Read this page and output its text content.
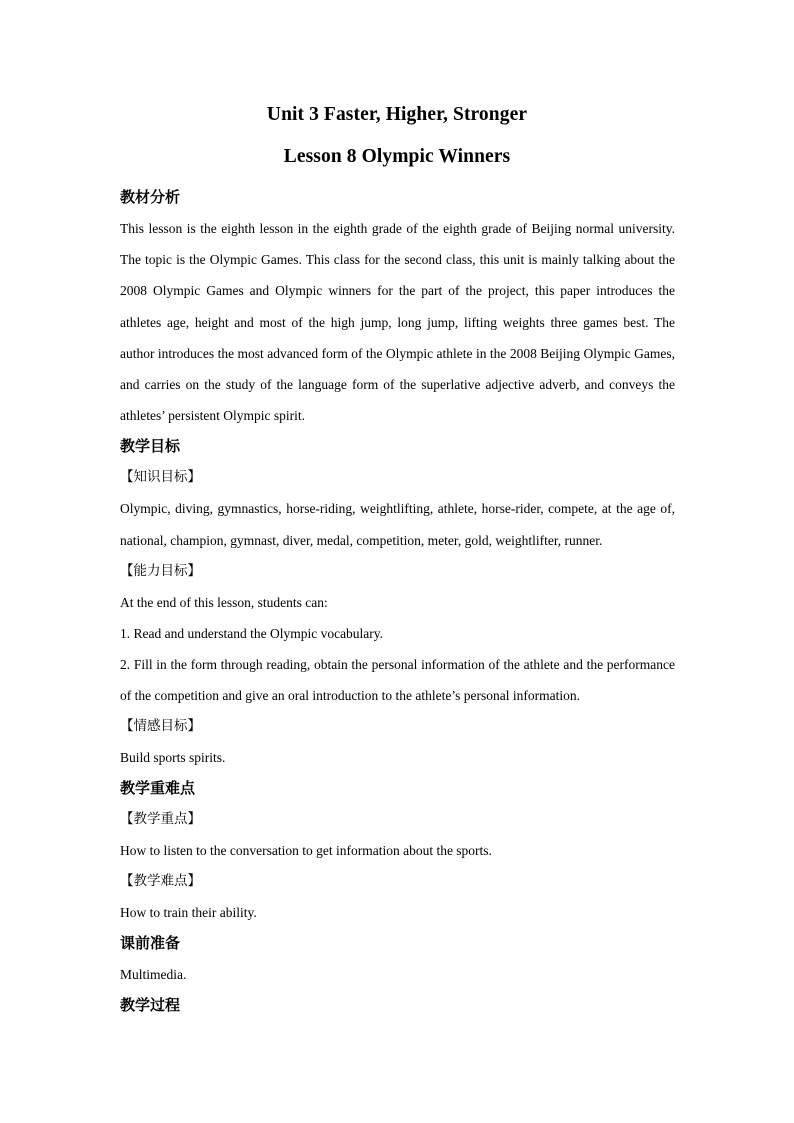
Unit 3 Faster, Higher, Stronger
Lesson 8 Olympic Winners
教材分析
This lesson is the eighth lesson in the eighth grade of the eighth grade of Beijing normal university. The topic is the Olympic Games. This class for the second class, this unit is mainly talking about the 2008 Olympic Games and Olympic winners for the part of the project, this paper introduces the athletes age, height and most of the high jump, long jump, lifting weights three games best. The author introduces the most advanced form of the Olympic athlete in the 2008 Beijing Olympic Games, and carries on the study of the language form of the superlative adjective adverb, and conveys the athletes’ persistent Olympic spirit.
教学目标
【知识目标】
Olympic, diving, gymnastics, horse-riding, weightlifting, athlete, horse-rider, compete, at the age of, national, champion, gymnast, diver, medal, competition, meter, gold, weightlifter, runner.
【能力目标】
At the end of this lesson, students can:
1. Read and understand the Olympic vocabulary.
2. Fill in the form through reading, obtain the personal information of the athlete and the performance of the competition and give an oral introduction to the athlete’s personal information.
【情感目标】
Build sports spirits.
教学重难点
【教学重点】
How to listen to the conversation to get information about the sports.
【教学难点】
How to train their ability.
课前准备
Multimedia.
教学过程
